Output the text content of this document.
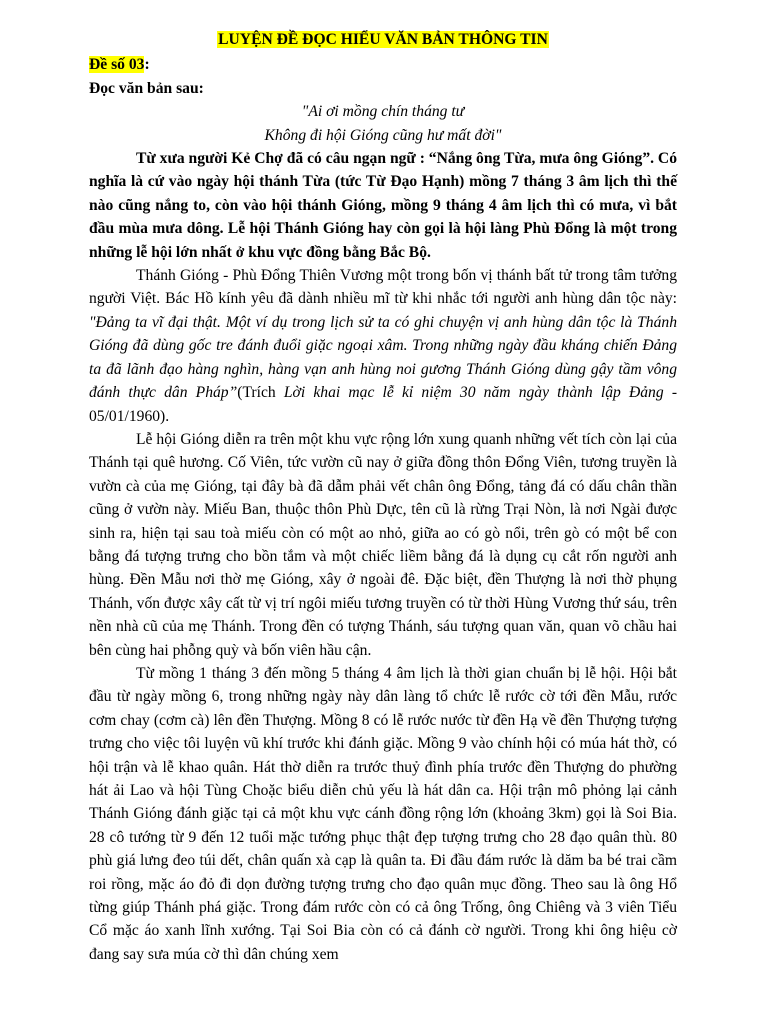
LUYỆN ĐỀ ĐỌC HIỂU VĂN BẢN THÔNG TIN
Đề số 03:
Đọc văn bản sau:
"Ai ơi mồng chín tháng tư
Không đi hội Gióng cũng hư mất đời"

Từ xưa người Kẻ Chợ đã có câu ngạn ngữ : “Nắng ông Từa, mưa ông Gióng”. Có nghĩa là cứ vào ngày hội thánh Từa (tức Từ Đạo Hạnh) mồng 7 tháng 3 âm lịch thì thế nào cũng nắng to, còn vào hội thánh Gióng, mồng 9 tháng 4 âm lịch thì có mưa, vì bắt đầu mùa mưa dông. Lễ hội Thánh Gióng hay còn gọi là hội làng Phù Đổng là một trong những lễ hội lớn nhất ở khu vực đồng bằng Bắc Bộ.

Thánh Gióng - Phù Đổng Thiên Vương một trong bốn vị thánh bất tử trong tâm tưởng người Việt. Bác Hồ kính yêu đã dành nhiều mĩ từ khi nhắc tới người anh hùng dân tộc này: "Đảng ta vĩ đại thật. Một ví dụ trong lịch sử ta có ghi chuyện vị anh hùng dân tộc là Thánh Gióng đã dùng gốc tre đánh đuổi giặc ngoại xâm. Trong những ngày đầu kháng chiến Đảng ta đã lãnh đạo hàng nghìn, hàng vạn anh hùng noi gương Thánh Gióng dùng gậy tầm vông đánh thực dân Pháp”(Trích Lời khai mạc lễ kỉ niệm 30 năm ngày thành lập Đảng - 05/01/1960).

Lễ hội Gióng diễn ra trên một khu vực rộng lớn xung quanh những vết tích còn lại của Thánh tại quê hương. Cố Viên, tức vườn cũ nay ở giữa đồng thôn Đổng Viên, tương truyền là vườn cà của mẹ Gióng, tại đây bà đã dẫm phải vết chân ông Đổng, tảng đá có dấu chân thần cũng ở vườn này. Miếu Ban, thuộc thôn Phù Dực, tên cũ là rừng Trại Nòn, là nơi Ngài được sinh ra, hiện tại sau toà miếu còn có một ao nhỏ, giữa ao có gò nổi, trên gò có một bể con bằng đá tượng trưng cho bồn tắm và một chiếc liềm bằng đá là dụng cụ cắt rốn người anh hùng. Đền Mẫu nơi thờ mẹ Gióng, xây ở ngoài đê. Đặc biệt, đền Thượng là nơi thờ phụng Thánh, vốn được xây cất từ vị trí ngôi miếu tương truyền có từ thời Hùng Vương thứ sáu, trên nền nhà cũ của mẹ Thánh. Trong đền có tượng Thánh, sáu tượng quan văn, quan võ chầu hai bên cùng hai phỗng quỳ và bốn viên hầu cận.

Từ mồng 1 tháng 3 đến mồng 5 tháng 4 âm lịch là thời gian chuẩn bị lễ hội. Hội bắt đầu từ ngày mồng 6, trong những ngày này dân làng tổ chức lễ rước cờ tới đền Mẫu, rước cơm chay (cơm cà) lên đền Thượng. Mồng 8 có lễ rước nước từ đền Hạ về đền Thượng tượng trưng cho việc tôi luyện vũ khí trước khi đánh giặc. Mồng 9 vào chính hội có múa hát thờ, có hội trận và lễ khao quân. Hát thờ diễn ra trước thuỷ đình phía trước đền Thượng do phường hát ải Lao và hội Tùng Choặc biểu diễn chủ yếu là hát dân ca. Hội trận mô phỏng lại cảnh Thánh Gióng đánh giặc tại cả một khu vực cánh đồng rộng lớn (khoảng 3km) gọi là Soi Bia. 28 cô tướng từ 9 đến 12 tuổi mặc tướng phục thật đẹp tượng trưng cho 28 đạo quân thù. 80 phù giá lưng đeo túi dết, chân quấn xà cạp là quân ta. Đi đầu đám rước là dăm ba bé trai cầm roi rồng, mặc áo đỏ đi dọn đường tượng trưng cho đạo quân mục đồng. Theo sau là ông Hổ từng giúp Thánh phá giặc. Trong đám rước còn có cả ông Trống, ông Chiêng và 3 viên Tiểu Cổ mặc áo xanh lĩnh xướng. Tại Soi Bia còn có cả đánh cờ người. Trong khi ông hiệu cờ đang say sưa múa cờ thì dân chúng xem
